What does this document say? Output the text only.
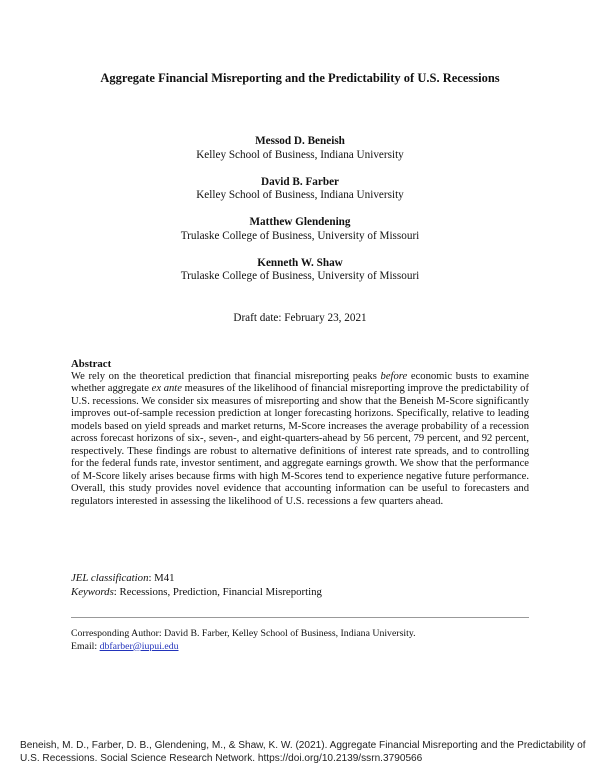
Aggregate Financial Misreporting and the Predictability of U.S. Recessions
Messod D. Beneish
Kelley School of Business, Indiana University
David B. Farber
Kelley School of Business, Indiana University
Matthew Glendening
Trulaske College of Business, University of Missouri
Kenneth W. Shaw
Trulaske College of Business, University of Missouri
Draft date: February 23, 2021
Abstract
We rely on the theoretical prediction that financial misreporting peaks before economic busts to examine whether aggregate ex ante measures of the likelihood of financial misreporting improve the predictability of U.S. recessions. We consider six measures of misreporting and show that the Beneish M-Score significantly improves out-of-sample recession prediction at longer forecasting horizons. Specifically, relative to leading models based on yield spreads and market returns, M-Score increases the average probability of a recession across forecast horizons of six-, seven-, and eight-quarters-ahead by 56 percent, 79 percent, and 92 percent, respectively. These findings are robust to alternative definitions of interest rate spreads, and to controlling for the federal funds rate, investor sentiment, and aggregate earnings growth. We show that the performance of M-Score likely arises because firms with high M-Scores tend to experience negative future performance. Overall, this study provides novel evidence that accounting information can be useful to forecasters and regulators interested in assessing the likelihood of U.S. recessions a few quarters ahead.
JEL classification: M41
Keywords: Recessions, Prediction, Financial Misreporting
Corresponding Author: David B. Farber, Kelley School of Business, Indiana University.
Email: dbfarber@iupui.edu
Beneish, M. D., Farber, D. B., Glendening, M., & Shaw, K. W. (2021). Aggregate Financial Misreporting and the Predictability of U.S. Recessions. Social Science Research Network. https://doi.org/10.2139/ssrn.3790566
